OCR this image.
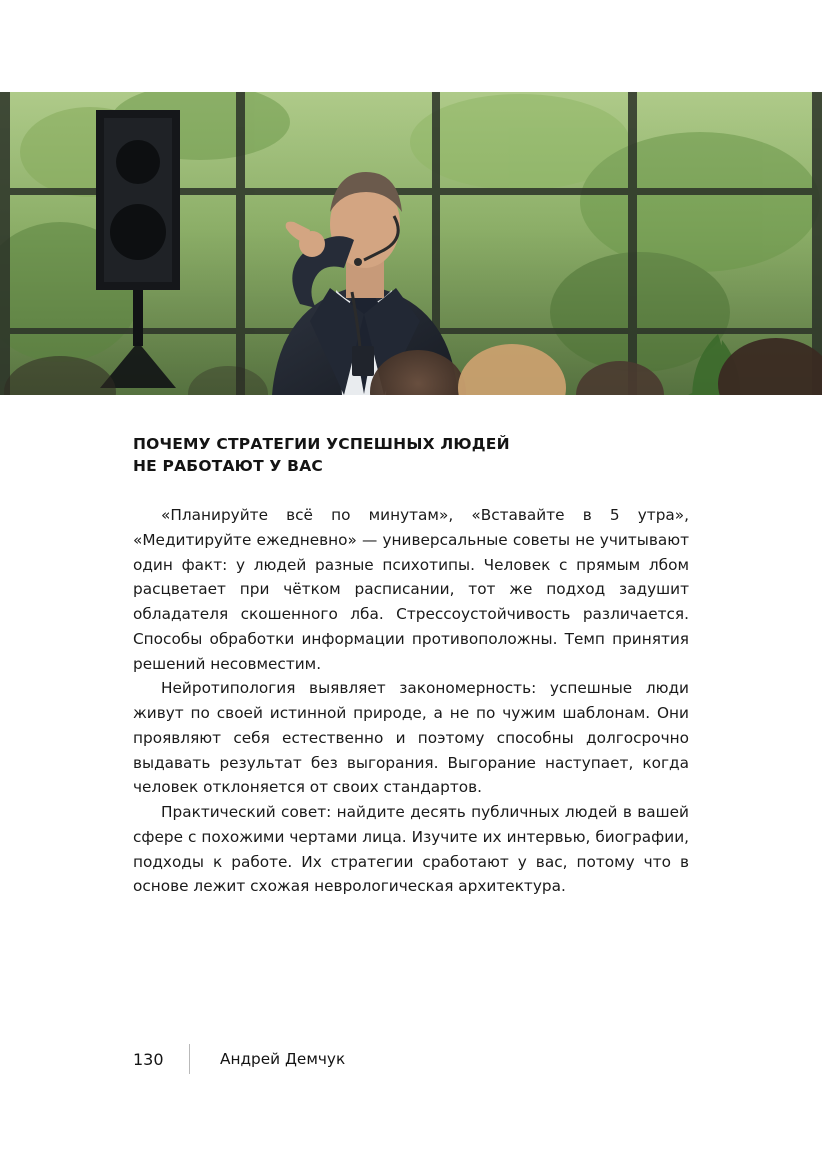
ПОЧЕМУ СТРАТЕГИИ УСПЕШНЫХ ЛЮДЕЙ
НЕ РАБОТАЮТ У ВАС

«Планируйте всё по минутам», «Вставайте в 5 утра», «Медитируйте ежедневно» — универсальные советы не учитывают один факт: у людей разные психотипы. Человек с прямым лбом расцветает при чётком расписании, тот же подход задушит обладателя скошенного лба. Стрессоустойчивость различается. Способы обработки информации противоположны. Темп принятия решений несовместим.

Нейротипология выявляет закономерность: успешные люди живут по своей истинной природе, а не по чужим шаблонам. Они проявляют себя естественно и поэтому способны долгосрочно выдавать результат без выгорания. Выгорание наступает, когда человек отклоняется от своих стандартов.

Практический совет: найдите десять публичных людей в вашей сфере с похожими чертами лица. Изучите их интервью, биографии, подходы к работе. Их стратегии сработают у вас, потому что в основе лежит схожая неврологическая архитектура.

130	Андрей Демчук
